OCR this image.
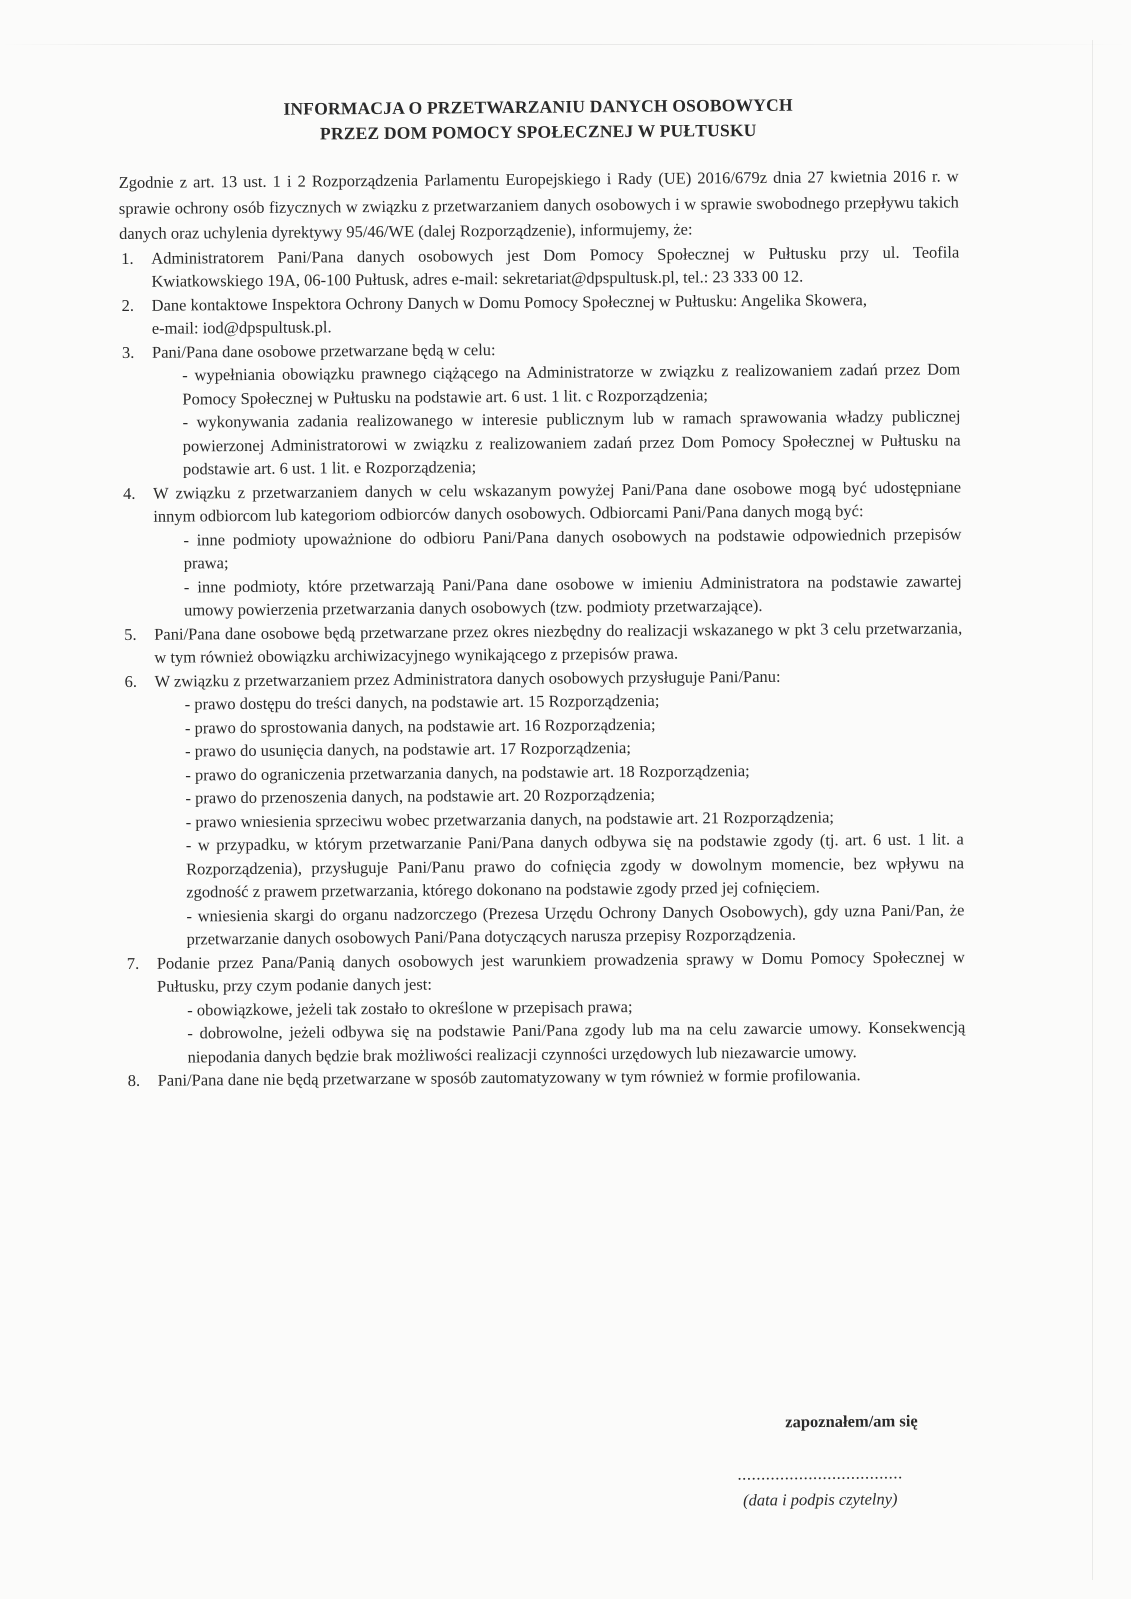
INFORMACJA O PRZETWARZANIU DANYCH OSOBOWYCH
PRZEZ DOM POMOCY SPOŁECZNEJ W PUŁTUSKU

Zgodnie z art. 13 ust. 1 i 2 Rozporządzenia Parlamentu Europejskiego i Rady (UE) 2016/679z dnia 27 kwietnia 2016 r. w sprawie ochrony osób fizycznych w związku z przetwarzaniem danych osobowych i w sprawie swobodnego przepływu takich danych oraz uchylenia dyrektywy 95/46/WE (dalej Rozporządzenie), informujemy, że:

1. Administratorem Pani/Pana danych osobowych jest Dom Pomocy Społecznej w Pułtusku przy ul. Teofila Kwiatkowskiego 19A, 06-100 Pułtusk, adres e-mail: sekretariat@dpspultusk.pl, tel.: 23 333 00 12.
2. Dane kontaktowe Inspektora Ochrony Danych w Domu Pomocy Społecznej w Pułtusku: Angelika Skowera,
e-mail: iod@dpspultusk.pl.
3. Pani/Pana dane osobowe przetwarzane będą w celu:
- wypełniania obowiązku prawnego ciążącego na Administratorze w związku z realizowaniem zadań przez Dom Pomocy Społecznej w Pułtusku na podstawie art. 6 ust. 1 lit. c Rozporządzenia;
- wykonywania zadania realizowanego w interesie publicznym lub w ramach sprawowania władzy publicznej powierzonej Administratorowi w związku z realizowaniem zadań przez Dom Pomocy Społecznej w Pułtusku na podstawie art. 6 ust. 1 lit. e Rozporządzenia;
4. W związku z przetwarzaniem danych w celu wskazanym powyżej Pani/Pana dane osobowe mogą być udostępniane innym odbiorcom lub kategoriom odbiorców danych osobowych. Odbiorcami Pani/Pana danych mogą być:
- inne podmioty upoważnione do odbioru Pani/Pana danych osobowych na podstawie odpowiednich przepisów prawa;
- inne podmioty, które przetwarzają Pani/Pana dane osobowe w imieniu Administratora na podstawie zawartej umowy powierzenia przetwarzania danych osobowych (tzw. podmioty przetwarzające).
5. Pani/Pana dane osobowe będą przetwarzane przez okres niezbędny do realizacji wskazanego w pkt 3 celu przetwarzania, w tym również obowiązku archiwizacyjnego wynikającego z przepisów prawa.
6. W związku z przetwarzaniem przez Administratora danych osobowych przysługuje Pani/Panu:
- prawo dostępu do treści danych, na podstawie art. 15 Rozporządzenia;
- prawo do sprostowania danych, na podstawie art. 16 Rozporządzenia;
- prawo do usunięcia danych, na podstawie art. 17 Rozporządzenia;
- prawo do ograniczenia przetwarzania danych, na podstawie art. 18 Rozporządzenia;
- prawo do przenoszenia danych, na podstawie art. 20 Rozporządzenia;
- prawo wniesienia sprzeciwu wobec przetwarzania danych, na podstawie art. 21 Rozporządzenia;
- w przypadku, w którym przetwarzanie Pani/Pana danych odbywa się na podstawie zgody (tj. art. 6 ust. 1 lit. a Rozporządzenia), przysługuje Pani/Panu prawo do cofnięcia zgody w dowolnym momencie, bez wpływu na zgodność z prawem przetwarzania, którego dokonano na podstawie zgody przed jej cofnięciem.
- wniesienia skargi do organu nadzorczego (Prezesa Urzędu Ochrony Danych Osobowych), gdy uzna Pani/Pan, że przetwarzanie danych osobowych Pani/Pana dotyczących narusza przepisy Rozporządzenia.
7. Podanie przez Pana/Panią danych osobowych jest warunkiem prowadzenia sprawy w Domu Pomocy Społecznej w Pułtusku, przy czym podanie danych jest:
- obowiązkowe, jeżeli tak zostało to określone w przepisach prawa;
- dobrowolne, jeżeli odbywa się na podstawie Pani/Pana zgody lub ma na celu zawarcie umowy. Konsekwencją niepodania danych będzie brak możliwości realizacji czynności urzędowych lub niezawarcie umowy.
8. Pani/Pana dane nie będą przetwarzane w sposób zautomatyzowany w tym również w formie profilowania.
zapoznałem/am się
...................................
(data i podpis czytelny)
